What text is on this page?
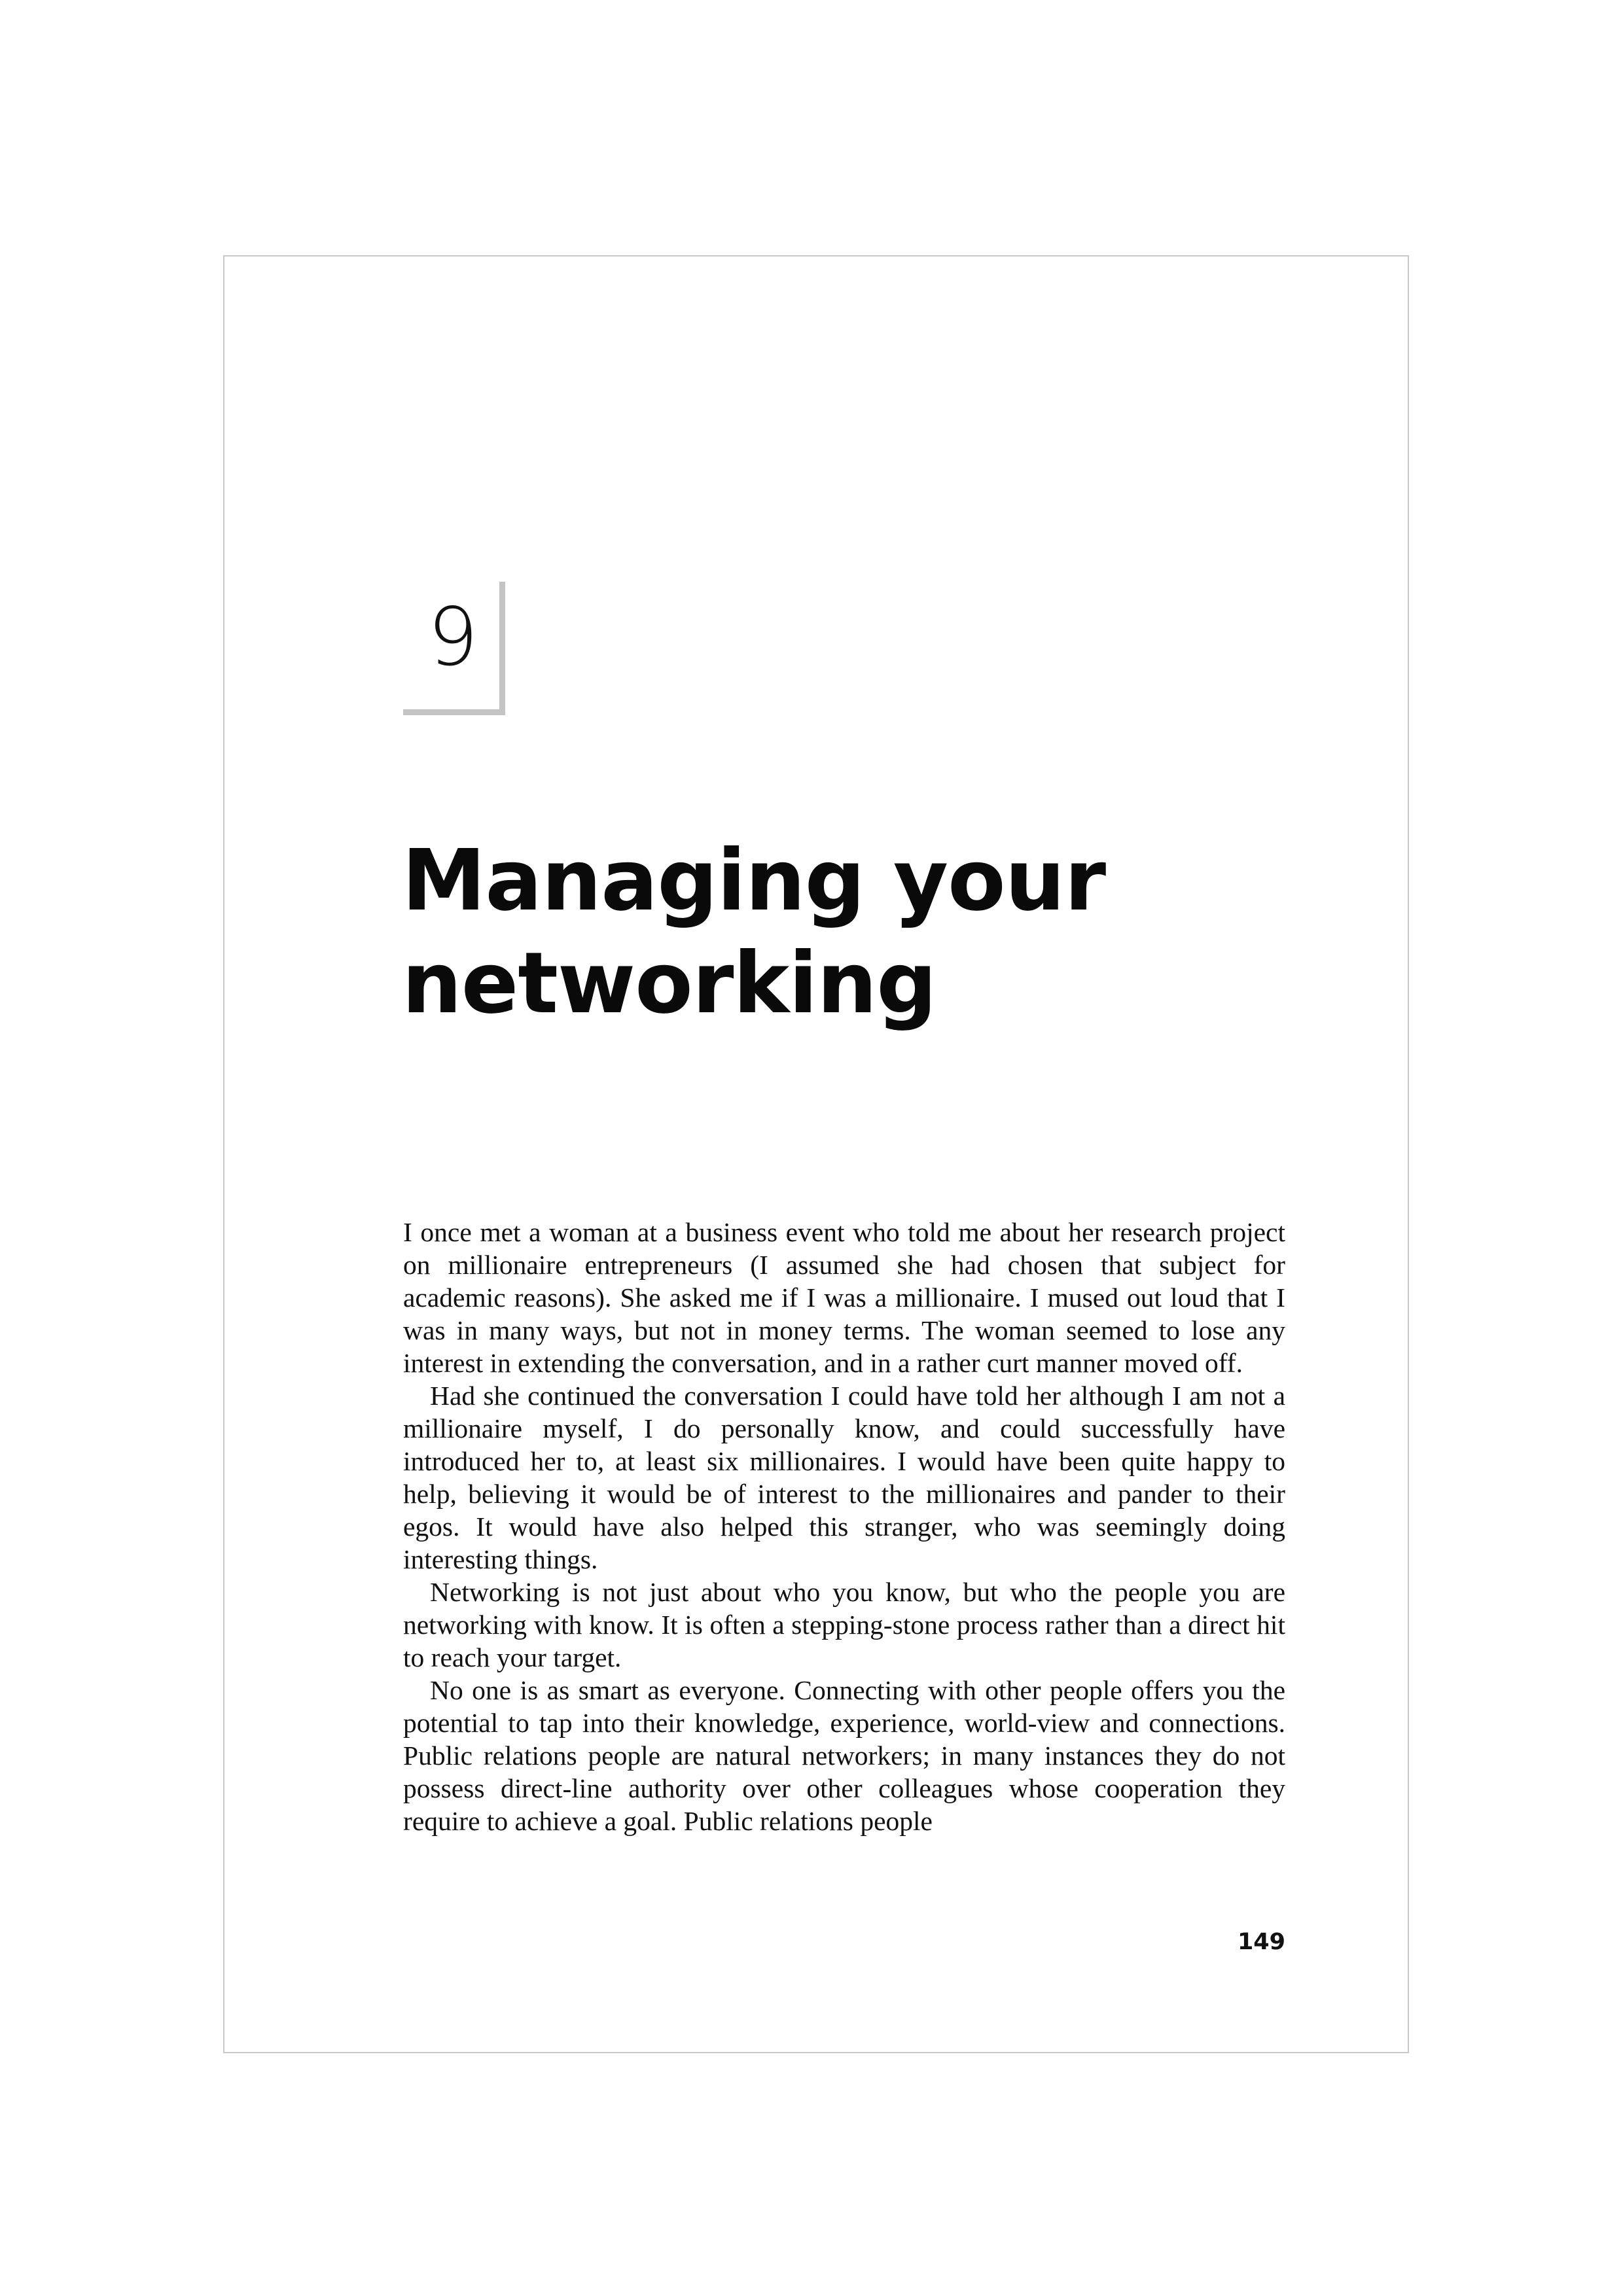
9
Managing your
networking

I once met a woman at a business event who told me about her research project on millionaire entrepreneurs (I assumed she had chosen that subject for academic reasons). She asked me if I was a millionaire. I mused out loud that I was in many ways, but not in money terms. The woman seemed to lose any interest in extending the conversation, and in a rather curt manner moved off.

Had she continued the conversation I could have told her although I am not a millionaire myself, I do personally know, and could successfully have introduced her to, at least six millionaires. I would have been quite happy to help, believing it would be of interest to the millionaires and pander to their egos. It would have also helped this stranger, who was seemingly doing interesting things.

Networking is not just about who you know, but who the people you are networking with know. It is often a stepping-stone process rather than a direct hit to reach your target.

No one is as smart as everyone. Connecting with other people offers you the potential to tap into their knowledge, experience, world-view and connections. Public relations people are natural networkers; in many instances they do not possess direct-line authority over other colleagues whose cooperation they require to achieve a goal. Public relations people

149
